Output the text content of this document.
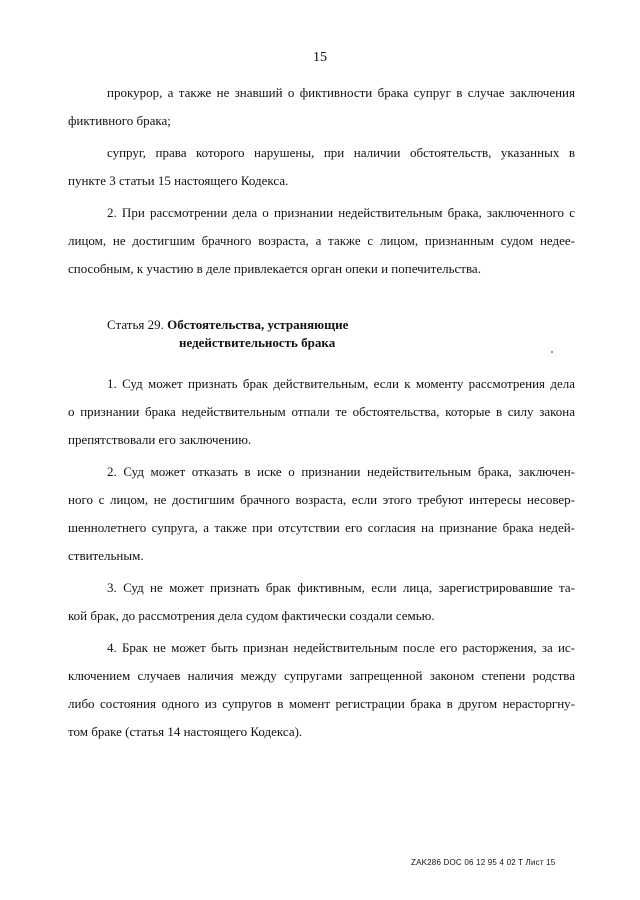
15
прокурор, а также не знавший о фиктивности брака супруг в случае заключения
фиктивного брака;
супруг, права которого нарушены, при наличии обстоятельств, указанных в
пункте 3 статьи 15 настоящего Кодекса.
2. При рассмотрении дела о признании недействительным брака, заключенного с
лицом, не достигшим брачного возраста, а также с лицом, признанным судом недее-
способным, к участию в деле привлекается орган опеки и попечительства.
Статья 29. Обстоятельства, устраняющие
недействительность брака
1. Суд может признать брак действительным, если к моменту рассмотрения дела
о признании брака недействительным отпали те обстоятельства, которые в силу закона
препятствовали его заключению.
2. Суд может отказать в иске о признании недействительным брака, заключен-
ного с лицом, не достигшим брачного возраста, если этого требуют интересы несовер-
шеннолетнего супруга, а также при отсутствии его согласия на признание брака недей-
ствительным.
3. Суд не может признать брак фиктивным, если лица, зарегистрировавшие та-
кой брак, до рассмотрения дела судом фактически создали семью.
4. Брак не может быть признан недействительным после его расторжения, за ис-
ключением случаев наличия между супругами запрещенной законом степени родства
либо состояния одного из супругов в момент регистрации брака в другом нерасторгну-
том браке (статья 14 настоящего Кодекса).
ZAK286 DOC 06 12 95 4 02 T Лист 15
